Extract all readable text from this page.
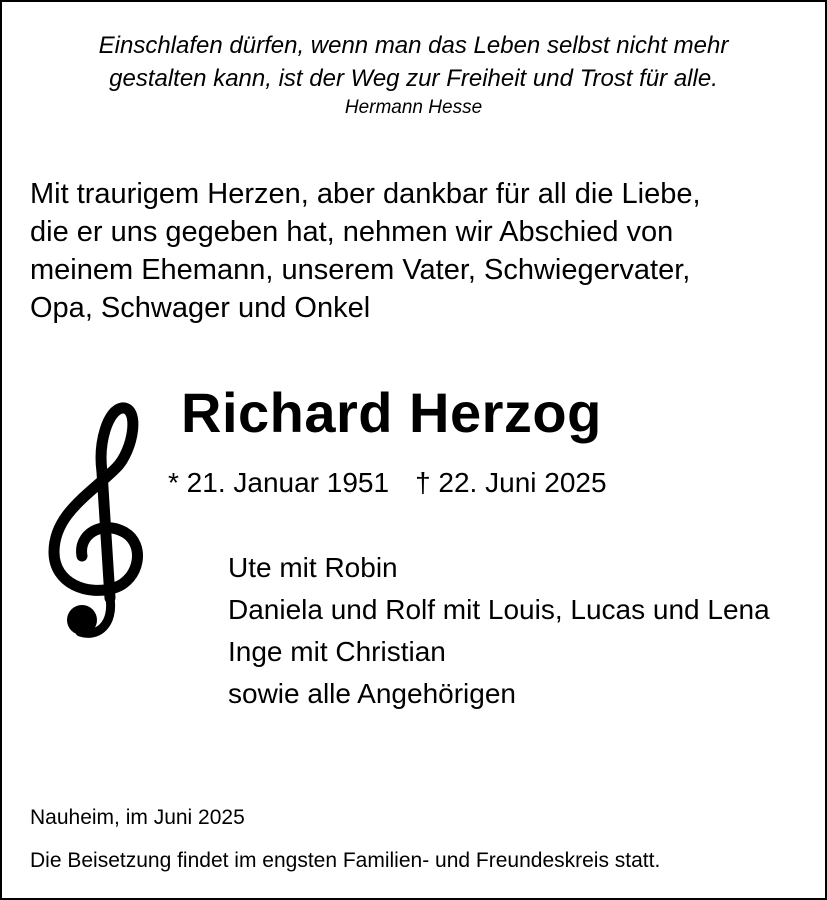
Einschlafen dürfen, wenn man das Leben selbst nicht mehr
gestalten kann, ist der Weg zur Freiheit und Trost für alle.
Hermann Hesse
Mit traurigem Herzen, aber dankbar für all die Liebe,
die er uns gegeben hat, nehmen wir Abschied von
meinem Ehemann, unserem Vater, Schwiegervater,
Opa, Schwager und Onkel
Richard Herzog
* 21. Januar 1951 † 22. Juni 2025
Ute mit Robin
Daniela und Rolf mit Louis, Lucas und Lena
Inge mit Christian
sowie alle Angehörigen
Nauheim, im Juni 2025
Die Beisetzung findet im engsten Familien- und Freundeskreis statt.
